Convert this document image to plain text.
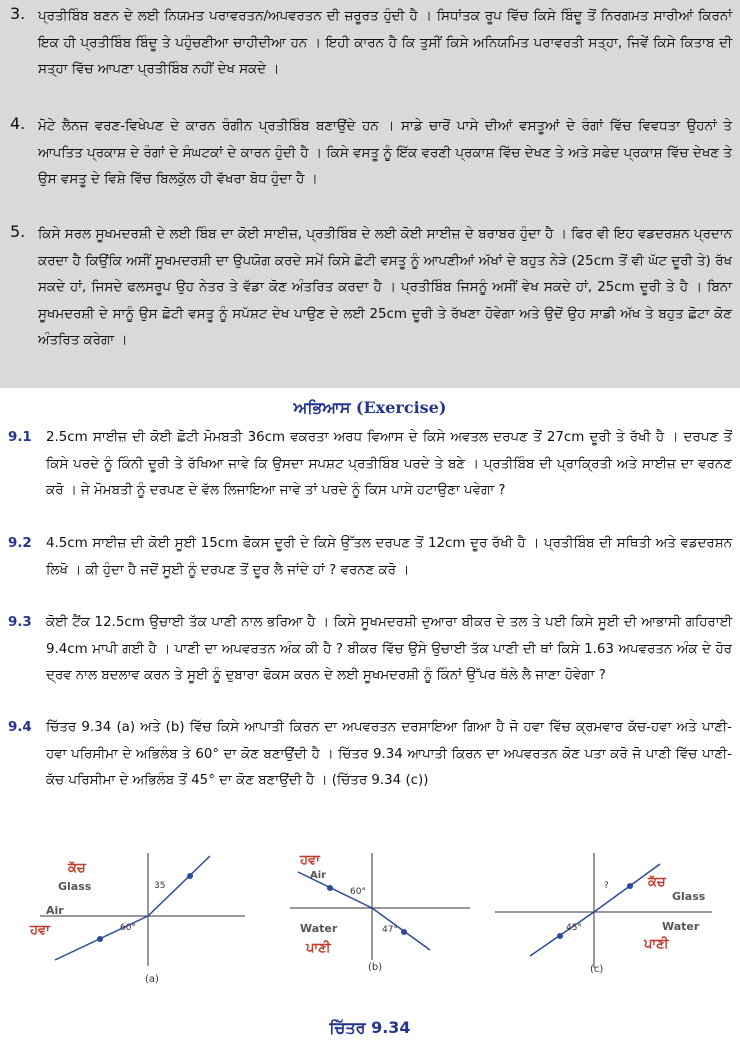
3. ਪ੍ਰਤੀਬਿੰਬ ਬਣਨ ਦੇ ਲਈ ਨਿਯਮਤ ਪਰਾਵਰਤਨ/ਅਪਵਰਤਨ ਦੀ ਜ਼ਰੂਰਤ ਹੁੰਦੀ ਹੈ । ਸਿਧਾਂਤਕ ਰੂਪ ਵਿੱਚ ਕਿਸੇ ਬਿੰਦੂ ਤੋਂ ਨਿਰਗਮਤ ਸਾਰੀਆਂ ਕਿਰਨਾਂ ਇਕ ਹੀ ਪ੍ਰਤੀਬਿੰਬ ਬਿੰਦੂ ਤੇ ਪਹੁੰਚਣੀਆ ਚਾਹੀਦੀਆ ਹਨ । ਇਹੀ ਕਾਰਨ ਹੈ ਕਿ ਤੁਸੀਂ ਕਿਸੇ ਅਨਿਯਮਿਤ ਪਰਾਵਰਤੀ ਸਤ੍ਹਾ, ਜਿਵੇਂ ਕਿਸੇ ਕਿਤਾਬ ਦੀ ਸਤ੍ਹਾ ਵਿੱਚ ਆਪਣਾ ਪ੍ਰਤੀਬਿੰਬ ਨਹੀਂ ਦੇਖ ਸਕਦੇ ।
4. ਮੋਟੇ ਲੈਨਜ ਵਰਣ-ਵਿਖੇਪਣ ਦੇ ਕਾਰਨ ਰੰਗੀਨ ਪ੍ਰਤੀਬਿੰਬ ਬਣਾਉਂਦੇ ਹਨ । ਸਾਡੇ ਚਾਰੋਂ ਪਾਸੇ ਦੀਆਂ ਵਸਤੂਆਂ ਦੇ ਰੰਗਾਂ ਵਿੱਚ ਵਿਵਧਤਾ ਉਹਨਾਂ ਤੇ ਆਪਤਿਤ ਪ੍ਰਕਾਸ਼ ਦੇ ਰੰਗਾਂ ਦੇ ਸੰਘਟਕਾਂ ਦੇ ਕਾਰਨ ਹੁੰਦੀ ਹੈ । ਕਿਸੇ ਵਸਤੂ ਨੂੰ ਇੱਕ ਵਰਣੀ ਪ੍ਰਕਾਸ਼ ਵਿੱਚ ਦੇਖਣ ਤੇ ਅਤੇ ਸਫੇਦ ਪ੍ਰਕਾਸ਼ ਵਿੱਚ ਦੇਖਣ ਤੇ ਉਸ ਵਸਤੂ ਦੇ ਵਿਸ਼ੇ ਵਿੱਚ ਬਿਲਕੁੱਲ ਹੀ ਵੱਖਰਾ ਬੋਧ ਹੁੰਦਾ ਹੈ ।
5. ਕਿਸੇ ਸਰਲ ਸੂਖਮਦਰਸ਼ੀ ਦੇ ਲਈ ਬਿੰਬ ਦਾ ਕੋਈ ਸਾਈਜ਼, ਪ੍ਰਤੀਬਿੰਬ ਦੇ ਲਈ ਕੋਈ ਸਾਈਜ਼ ਦੇ ਬਰਾਬਰ ਹੁੰਦਾ ਹੈ । ਫਿਰ ਵੀ ਇਹ ਵਡਦਰਸ਼ਨ ਪ੍ਰਦਾਨ ਕਰਦਾ ਹੈ ਕਿਉਂਕਿ ਅਸੀਂ ਸੂਖਮਦਰਸ਼ੀ ਦਾ ਉਪਯੋਗ ਕਰਦੇ ਸਮੇਂ ਕਿਸੇ ਛੋਟੀ ਵਸਤੂ ਨੂੰ ਆਪਣੀਆਂ ਅੱਖਾਂ ਦੇ ਬਹੁਤ ਨੇੜੇ (25cm ਤੋਂ ਵੀ ਘੱਟ ਦੂਰੀ ਤੇ) ਰੱਖ ਸਕਦੇ ਹਾਂ, ਜਿਸਦੇ ਫਲਸਰੂਪ ਉਹ ਨੇਤਰ ਤੇ ਵੱਡਾ ਕੋਣ ਅੰਤਰਿਤ ਕਰਦਾ ਹੈ । ਪ੍ਰਤੀਬਿੰਬ ਜਿਸਨੂੰ ਅਸੀਂ ਵੇਖ ਸਕਦੇ ਹਾਂ, 25cm ਦੂਰੀ ਤੇ ਹੈ । ਬਿਨਾ ਸੂਖਮਦਰਸ਼ੀ ਦੇ ਸਾਨੂੰ ਉਸ ਛੋਟੀ ਵਸਤੂ ਨੂੰ ਸਪੱਸ਼ਟ ਦੇਖ ਪਾਉਣ ਦੇ ਲਈ 25cm ਦੂਰੀ ਤੇ ਰੱਖਣਾ ਹੋਵੇਗਾ ਅਤੇ ਉਦੋਂ ਉਹ ਸਾਡੀ ਅੱਖ ਤੇ ਬਹੁਤ ਛੋਟਾ ਕੋਣ ਅੰਤਰਿਤ ਕਰੇਗਾ ।
ਅਭਿਆਸ (Exercise)
9.1	2.5cm ਸਾਈਜ਼ ਦੀ ਕੋਈ ਛੋਟੀ ਮੋਮਬਤੀ 36cm ਵਕਰਤਾ ਅਰਧ ਵਿਆਸ ਦੇ ਕਿਸੇ ਅਵਤਲ ਦਰਪਣ ਤੋਂ 27cm ਦੂਰੀ ਤੇ ਰੱਖੀ ਹੈ । ਦਰਪਣ ਤੋਂ ਕਿਸੇ ਪਰਦੇ ਨੂੰ ਕਿੰਨੀ ਦੂਰੀ ਤੇ ਰੱਖਿਆ ਜਾਵੇ ਕਿ ਉਸਦਾ ਸਪਸ਼ਟ ਪ੍ਰਤੀਬਿੰਬ ਪਰਦੇ ਤੇ ਬਣੇ । ਪ੍ਰਤੀਬਿੰਬ ਦੀ ਪ੍ਰਾਕ੍ਰਿਤੀ ਅਤੇ ਸਾਈਜ਼ ਦਾ ਵਰਨਣ ਕਰੋ । ਜੇ ਮੋਮਬਤੀ ਨੂੰ ਦਰਪਣ ਦੇ ਵੱਲ ਲਿਜਾਇਆ ਜਾਵੇ ਤਾਂ ਪਰਦੇ ਨੂੰ ਕਿਸ ਪਾਸੇ ਹਟਾਉਣਾ ਪਵੇਗਾ ?
9.2	4.5cm ਸਾਈਜ਼ ਦੀ ਕੋਈ ਸੂਈ 15cm ਫੋਕਸ ਦੂਰੀ ਦੇ ਕਿਸੇ ਉੱਤਲ ਦਰਪਣ ਤੋਂ 12cm ਦੂਰ ਰੱਖੀ ਹੈ । ਪ੍ਰਤੀਬਿੰਬ ਦੀ ਸਥਿਤੀ ਅਤੇ ਵਡਦਰਸ਼ਨ ਲਿਖੋ । ਕੀ ਹੁੰਦਾ ਹੈ ਜਦੋਂ ਸੂਈ ਨੂੰ ਦਰਪਣ ਤੋਂ ਦੂਰ ਲੈ ਜਾਂਦੇ ਹਾਂ ? ਵਰਨਣ ਕਰੋ ।
9.3	ਕੋਈ ਟੈਂਕ 12.5cm ਉਚਾਈ ਤੱਕ ਪਾਣੀ ਨਾਲ ਭਰਿਆ ਹੈ । ਕਿਸੇ ਸੂਖਮਦਰਸ਼ੀ ਦੁਆਰਾ ਬੀਕਰ ਦੇ ਤਲ ਤੇ ਪਈ ਕਿਸੇ ਸੂਈ ਦੀ ਆਭਾਸੀ ਗਹਿਰਾਈ 9.4cm ਮਾਪੀ ਗਈ ਹੈ । ਪਾਣੀ ਦਾ ਅਪਵਰਤਨ ਅੰਕ ਕੀ ਹੈ ? ਬੀਕਰ ਵਿੱਚ ਉਸੇ ਉਚਾਈ ਤੱਕ ਪਾਣੀ ਦੀ ਥਾਂ ਕਿਸੇ 1.63 ਅਪਵਰਤਨ ਅੰਕ ਦੇ ਹੋਰ ਦ੍ਰਵ ਨਾਲ ਬਦਲਾਵ ਕਰਨ ਤੇ ਸੂਈ ਨੂੰ ਦੁਬਾਰਾ ਫੋਕਸ ਕਰਨ ਦੇ ਲਈ ਸੂਖਮਦਰਸ਼ੀ ਨੂੰ ਕਿੰਨਾਂ ਉੱਪਰ ਥੱਲੇ ਲੈ ਜਾਣਾ ਹੋਵੇਗਾ ?
9.4	ਚਿੱਤਰ 9.34 (a) ਅਤੇ (b) ਵਿੱਚ ਕਿਸੇ ਆਪਾਤੀ ਕਿਰਨ ਦਾ ਅਪਵਰਤਨ ਦਰਸਾਇਆ ਗਿਆ ਹੈ ਜੋ ਹਵਾ ਵਿੱਚ ਕ੍ਰਮਵਾਰ ਕੱਚ-ਹਵਾ ਅਤੇ ਪਾਣੀ-ਹਵਾ ਪਰਿਸੀਮਾ ਦੇ ਅਭਿਲੰਬ ਤੇ 60° ਦਾ ਕੋਣ ਬਣਾਉਂਦੀ ਹੈ । ਚਿੱਤਰ 9.34 ਆਪਾਤੀ ਕਿਰਨ ਦਾ ਅਪਵਰਤਨ ਕੋਣ ਪਤਾ ਕਰੋ ਜੋ ਪਾਣੀ ਵਿੱਚ ਪਾਣੀ-ਕੱਚ ਪਰਿਸੀਮਾ ਦੇ ਅਭਿਲੰਬ ਤੋਂ 45° ਦਾ ਕੋਣ ਬਣਾਉਂਦੀ ਹੈ । (ਚਿੱਤਰ 9.34 (c))
ਕੱਚ
Glass
Air
ਹਵਾ
35
60°
(a)
ਹਵਾ
Air
Water
ਪਾਣੀ
60°
47°
(b)
ਕੱਚ
Glass
Water
ਪਾਣੀ
?
45°
(c)
ਚਿੱਤਰ 9.34
